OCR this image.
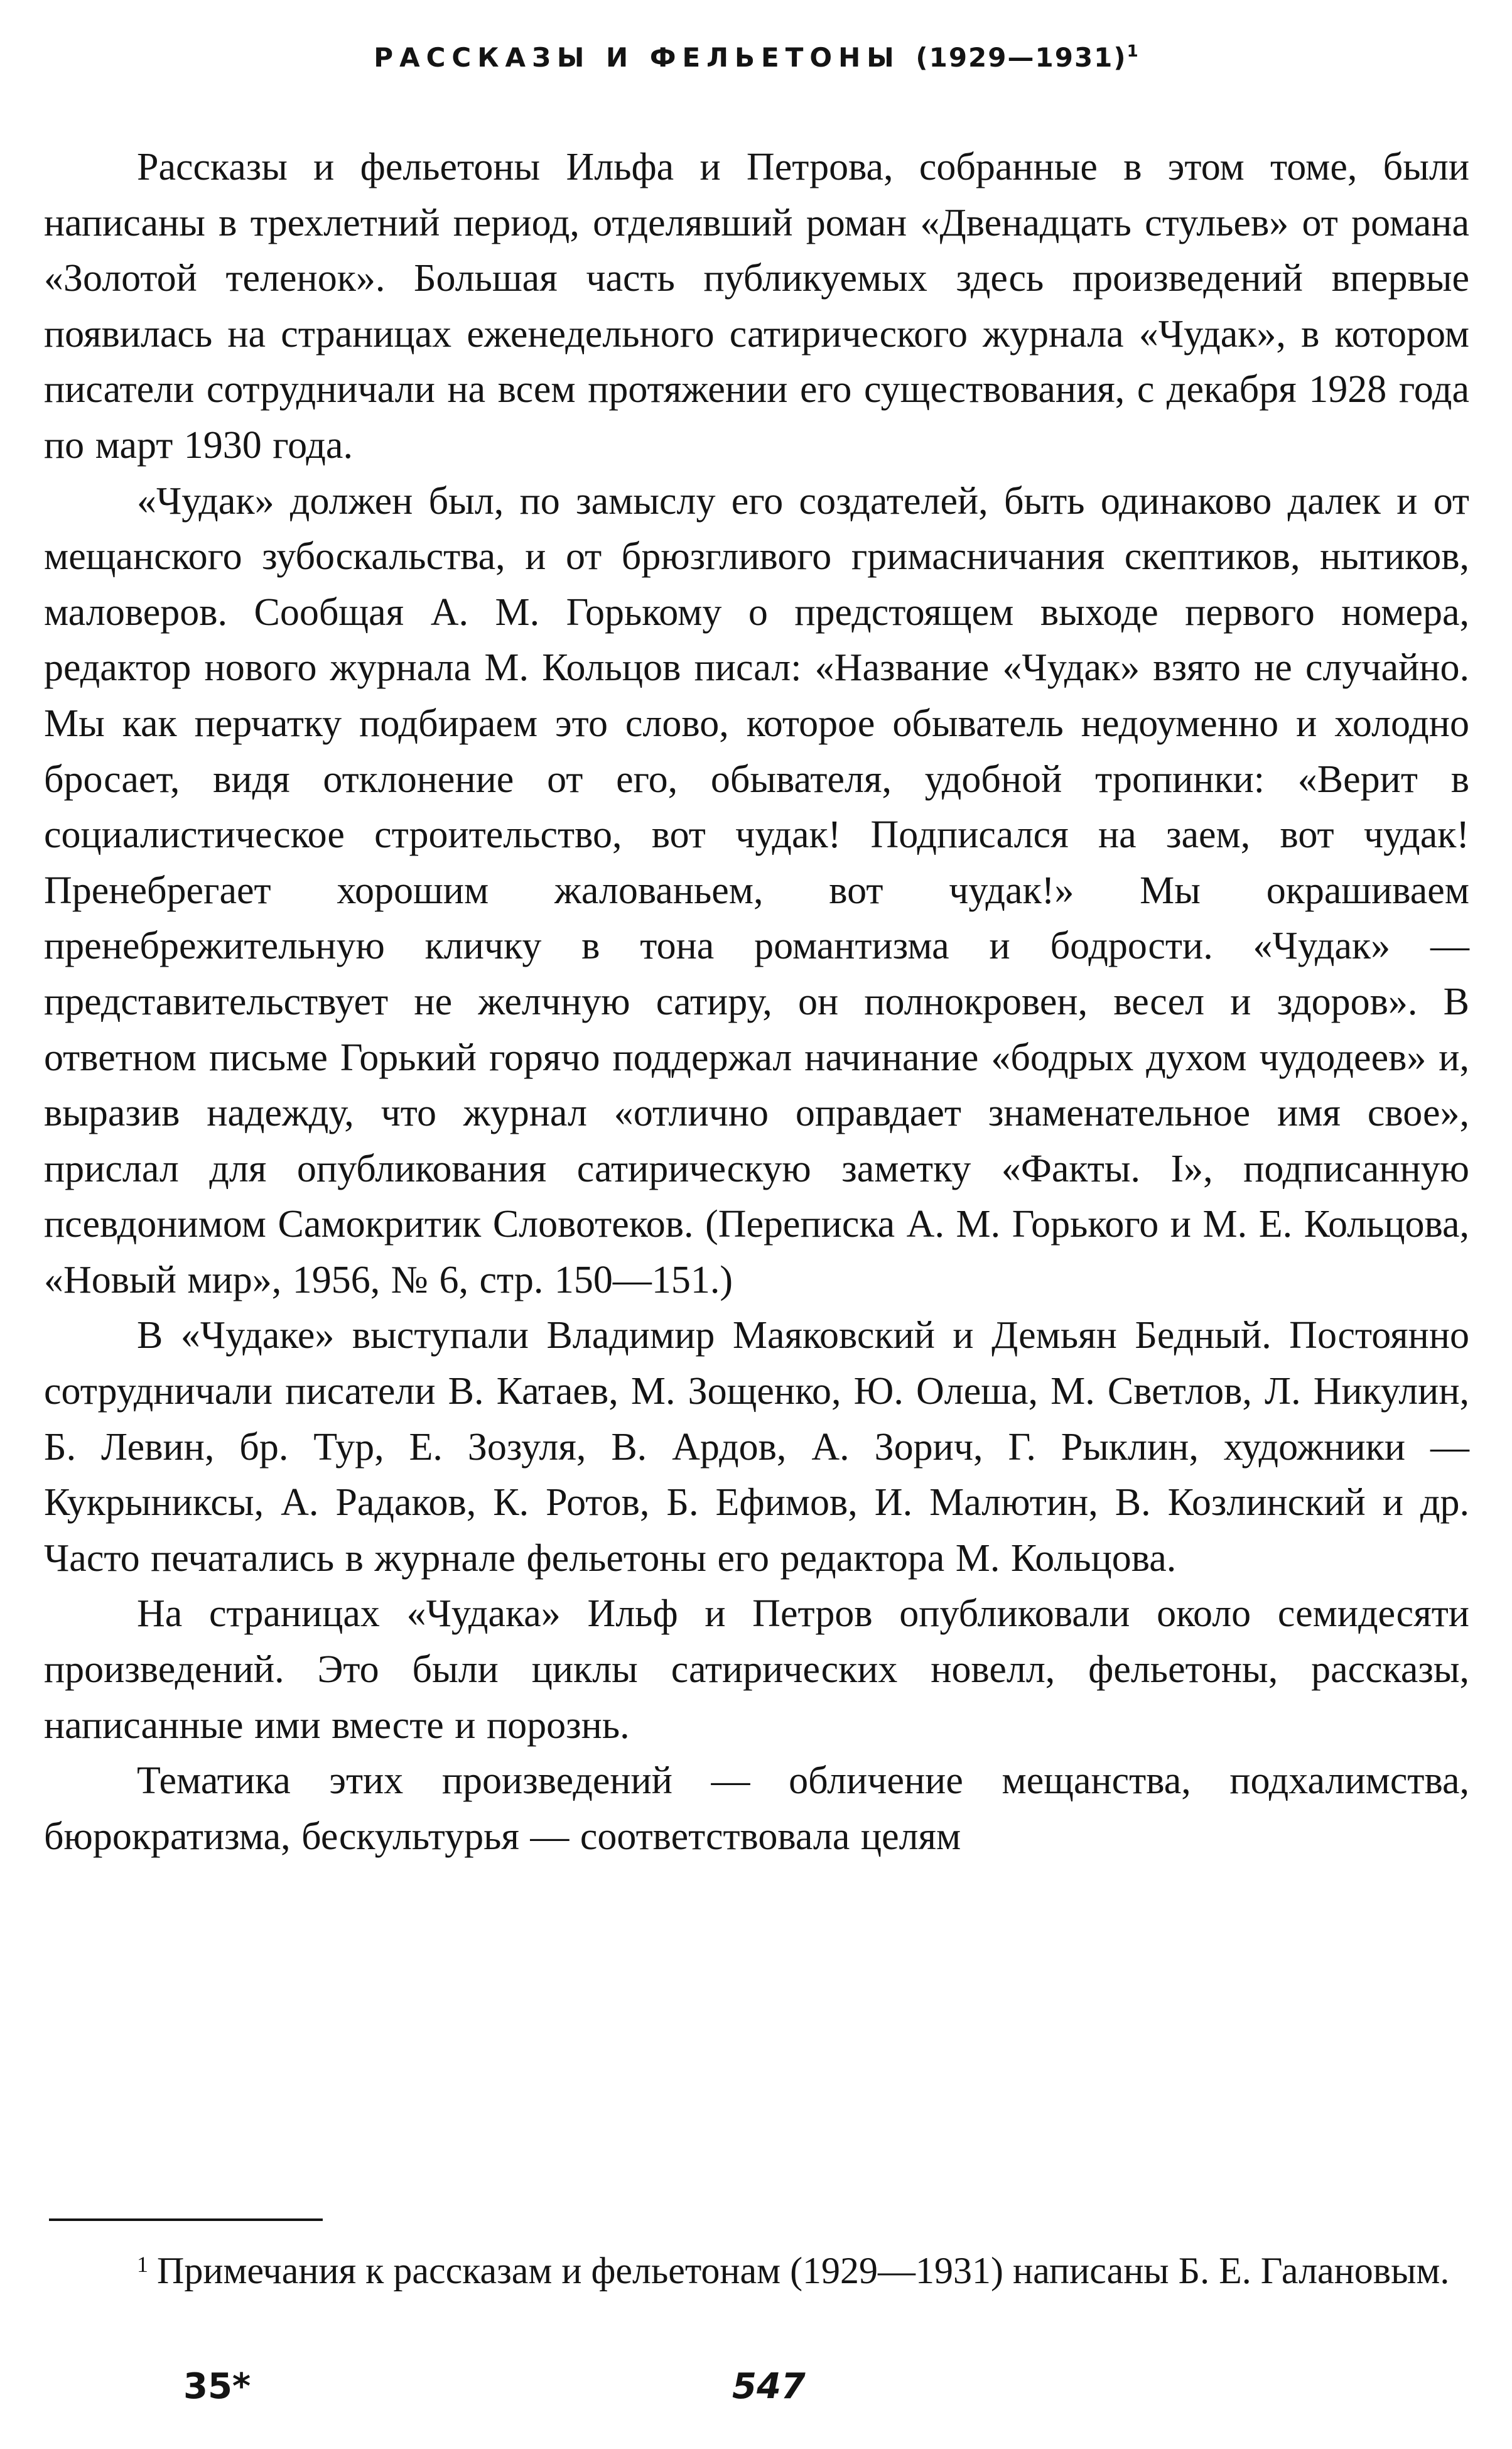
РАССКАЗЫ И ФЕЛЬЕТОНЫ (1929—1931)$^1$

Рассказы и фельетоны Ильфа и Петрова, собранные в этом томе, были написаны в трехлетний период, отделявший роман «Двенадцать стульев» от романа «Золотой теленок». Большая часть публикуемых здесь произведений впервые появилась на страницах еженедельного сатирического журнала «Чудак», в котором писатели сотрудничали на всем протяжении его существования, с декабря 1928 года по март 1930 года.

«Чудак» должен был, по замыслу его создателей, быть одинаково далек и от мещанского зубоскальства, и от брюзгливого гримасничания скептиков, нытиков, маловеров. Сообщая А. М. Горькому о предстоящем выходе первого номера, редактор нового журнала М. Кольцов писал: «Название «Чудак» взято не случайно. Мы как перчатку подбираем это слово, которое обыватель недоуменно и холодно бросает, видя отклонение от его, обывателя, удобной тропинки: «Верит в социалистическое строительство, вот чудак! Подписался на заем, вот чудак! Пренебрегает хорошим жалованьем, вот чудак!» Мы окрашиваем пренебрежительную кличку в тона романтизма и бодрости. «Чудак» — представительствует не желчную сатиру, он полнокровен, весел и здоров». В ответном письме Горький горячо поддержал начинание «бодрых духом чудодеев» и, выразив надежду, что журнал «отлично оправдает знаменательное имя свое», прислал для опубликования сатирическую заметку «Факты. I», подписанную псевдонимом Самокритик Словотеков. (Переписка А. М. Горького и М. Е. Кольцова, «Новый мир», 1956, № 6, стр. 150—151.)

В «Чудаке» выступали Владимир Маяковский и Демьян Бедный. Постоянно сотрудничали писатели В. Катаев, М. Зощенко, Ю. Олеша, М. Светлов, Л. Никулин, Б. Левин, бр. Тур, Е. Зозуля, В. Ардов, А. Зорич, Г. Рыклин, художники — Кукрыниксы, А. Радаков, К. Ротов, Б. Ефимов, И. Малютин, В. Козлинский и др. Часто печатались в журнале фельетоны его редактора М. Кольцова.

На страницах «Чудака» Ильф и Петров опубликовали около семидесяти произведений. Это были циклы сатирических новелл, фельетоны, рассказы, написанные ими вместе и порознь.

Тематика этих произведений — обличение мещанства, подхалимства, бюрократизма, бескультурья — соответствовала целям

$^1$ Примечания к рассказам и фельетонам (1929—1931) написаны Б. Е. Галановым.

35*	547
